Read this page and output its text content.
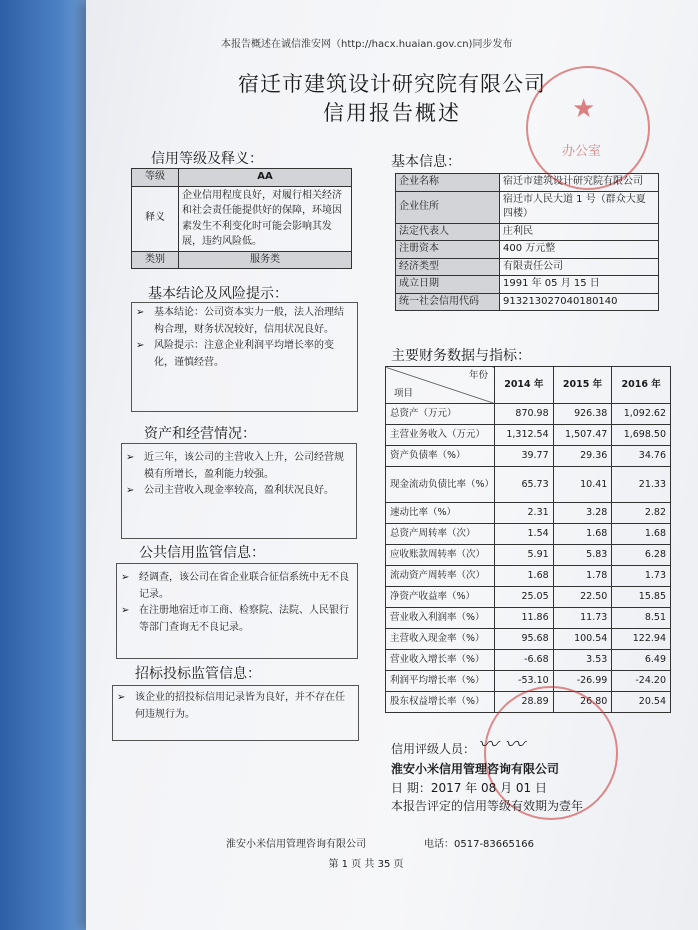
本报告概述在诚信淮安网（http://hacx.huaian.gov.cn)同步发布
宿迁市建筑设计研究院有限公司
信用报告概述	★
办公室
信用等级及释义：
等级	AA
释义	企业信用程度良好，对履行相关经济和社会责任能提供好的保障，环境因素发生不利变化时可能会影响其发展，违约风险低。
类别	服务类
基本结论及风险提示：
➢ 基本结论：公司资本实力一般，法人治理结构合理，财务状况较好，信用状况良好。
➢ 风险提示：注意企业利润平均增长率的变化，谨慎经营。
资产和经营情况：
➢ 近三年，该公司的主营收入上升，公司经营规模有所增长，盈利能力较强。
➢ 公司主营收入现金率较高，盈利状况良好。
公共信用监管信息：
➢ 经调查，该公司在省企业联合征信系统中无不良记录。
➢ 在注册地宿迁市工商、检察院、法院、人民银行等部门查询无不良记录。
招标投标监管信息：
➢ 该企业的招投标信用记录皆为良好，并不存在任何违规行为。
基本信息：
企业名称	宿迁市建筑设计研究院有限公司
企业住所	宿迁市人民大道 1 号（群众大夏四楼）
法定代表人	庄利民
注册资本	400 万元整
经济类型	有限责任公司
成立日期	1991 年 05 月 15 日
统一社会信用代码	913213027040180140
主要财务数据与指标：
年份
项目	2014 年	2015 年	2016 年
总资产（万元）	870.98	926.38	1,092.62
主营业务收入（万元）	1,312.54	1,507.47	1,698.50
资产负债率（%）	39.77	29.36	34.76
现金流动负债比率（%）	65.73	10.41	21.33
速动比率（%）	2.31	3.28	2.82
总资产周转率（次）	1.54	1.68	1.68
应收账款周转率（次）	5.91	5.83	6.28
流动资产周转率（次）	1.68	1.78	1.73
净资产收益率（%）	25.05	22.50	15.85
营业收入利润率（%）	11.86	11.73	8.51
主营收入现金率（%）	95.68	100.54	122.94
营业收入增长率（%）	-6.68	3.53	6.49
利润平均增长率（%）	-53.10	-26.99	-24.20
股东权益增长率（%）	28.89	26.80	20.54
信用评级人员： 〰 〰
淮安小米信用管理咨询有限公司
日 期：2017 年 08 月 01 日
本报告评定的信用等级有效期为壹年
淮安小米信用管理咨询有限公司	电话：0517-83665166
第 1 页 共 35 页
